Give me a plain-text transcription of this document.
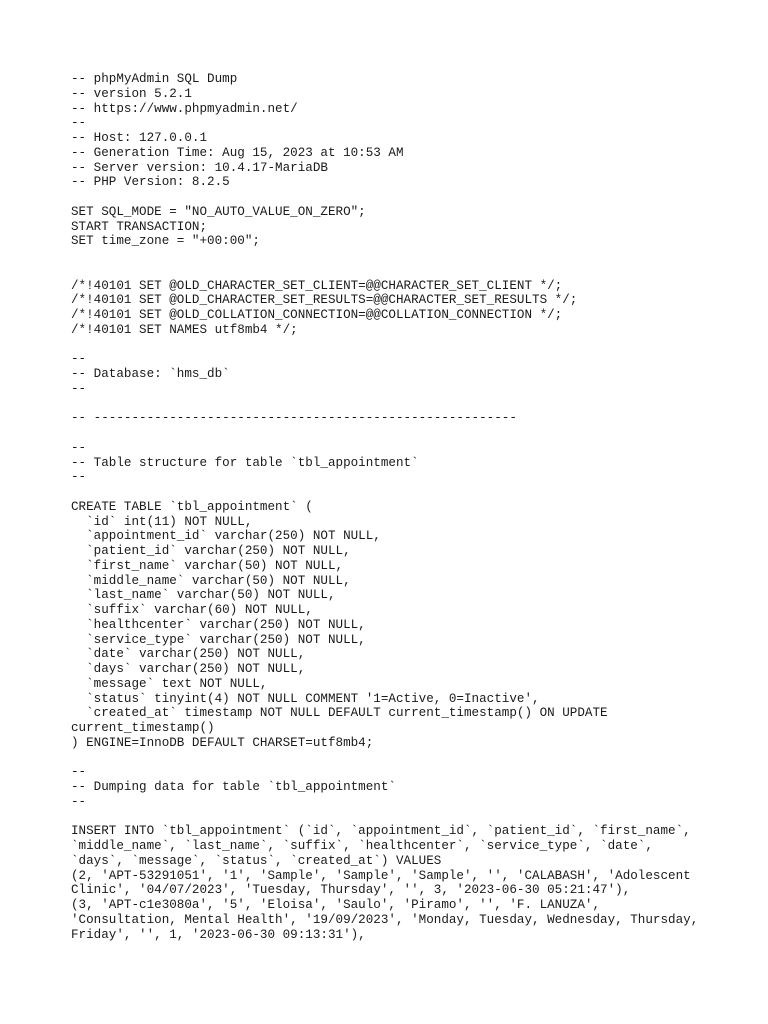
-- phpMyAdmin SQL Dump
-- version 5.2.1
-- https://www.phpmyadmin.net/
--
-- Host: 127.0.0.1
-- Generation Time: Aug 15, 2023 at 10:53 AM
-- Server version: 10.4.17-MariaDB
-- PHP Version: 8.2.5
SET SQL_MODE = "NO_AUTO_VALUE_ON_ZERO";
START TRANSACTION;
SET time_zone = "+00:00";
/*!40101 SET @OLD_CHARACTER_SET_CLIENT=@@CHARACTER_SET_CLIENT */;
/*!40101 SET @OLD_CHARACTER_SET_RESULTS=@@CHARACTER_SET_RESULTS */;
/*!40101 SET @OLD_COLLATION_CONNECTION=@@COLLATION_CONNECTION */;
/*!40101 SET NAMES utf8mb4 */;
--
-- Database: `hms_db`
--
-- --------------------------------------------------------
--
-- Table structure for table `tbl_appointment`
--
CREATE TABLE `tbl_appointment` (
`id` int(11) NOT NULL,
`appointment_id` varchar(250) NOT NULL,
`patient_id` varchar(250) NOT NULL,
`first_name` varchar(50) NOT NULL,
`middle_name` varchar(50) NOT NULL,
`last_name` varchar(50) NOT NULL,
`suffix` varchar(60) NOT NULL,
`healthcenter` varchar(250) NOT NULL,
`service_type` varchar(250) NOT NULL,
`date` varchar(250) NOT NULL,
`days` varchar(250) NOT NULL,
`message` text NOT NULL,
`status` tinyint(4) NOT NULL COMMENT '1=Active, 0=Inactive',
`created_at` timestamp NOT NULL DEFAULT current_timestamp() ON UPDATE
current_timestamp()
) ENGINE=InnoDB DEFAULT CHARSET=utf8mb4;
--
-- Dumping data for table `tbl_appointment`
--
INSERT INTO `tbl_appointment` (`id`, `appointment_id`, `patient_id`, `first_name`,
`middle_name`, `last_name`, `suffix`, `healthcenter`, `service_type`, `date`,
`days`, `message`, `status`, `created_at`) VALUES
(2, 'APT-53291051', '1', 'Sample', 'Sample', 'Sample', '', 'CALABASH', 'Adolescent
Clinic', '04/07/2023', 'Tuesday, Thursday', '', 3, '2023-06-30 05:21:47'),
(3, 'APT-c1e3080a', '5', 'Eloisa', 'Saulo', 'Piramo', '', 'F. LANUZA',
'Consultation, Mental Health', '19/09/2023', 'Monday, Tuesday, Wednesday, Thursday,
Friday', '', 1, '2023-06-30 09:13:31'),
